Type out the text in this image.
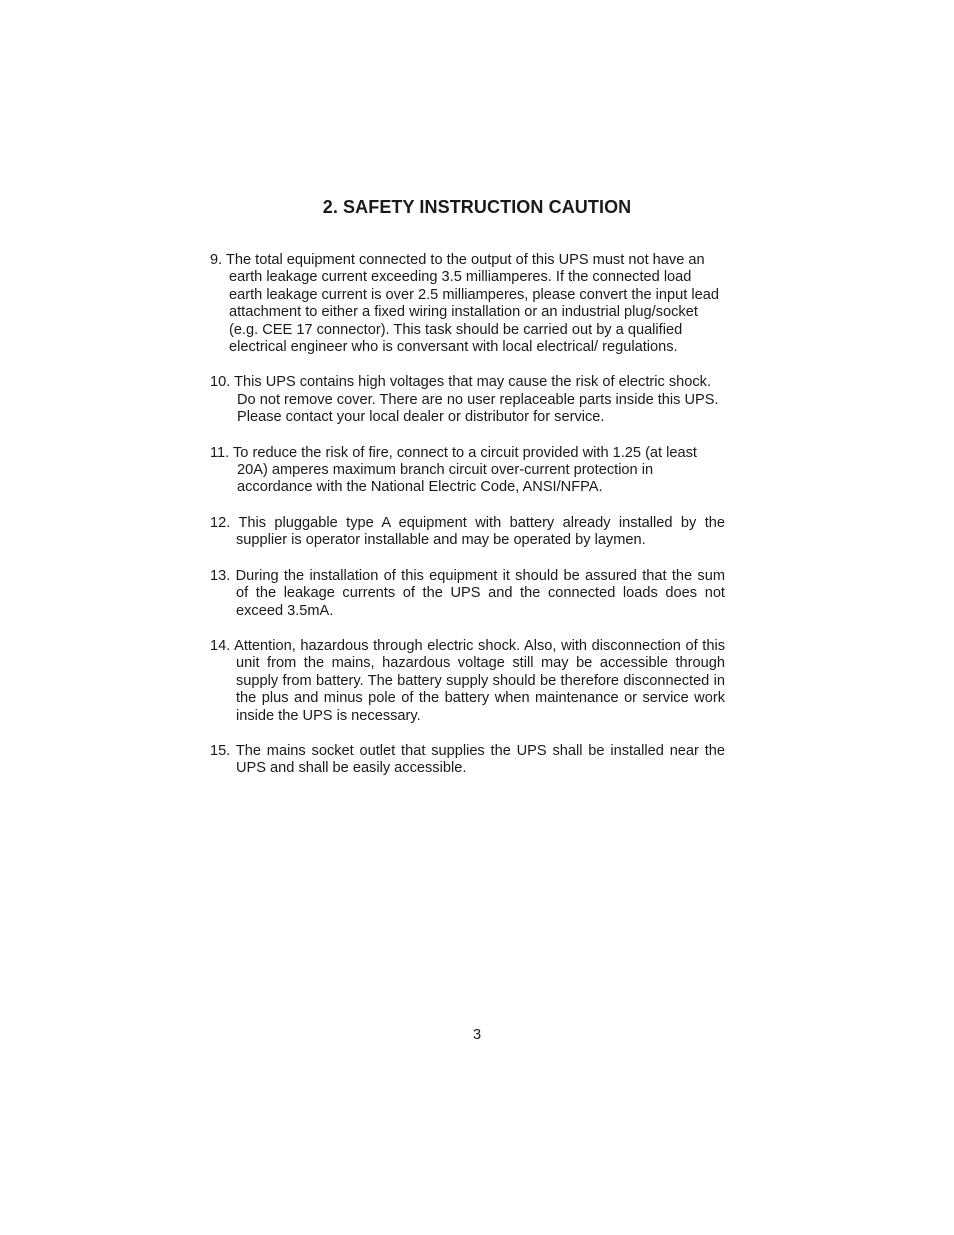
2. SAFETY INSTRUCTION CAUTION
9. The total equipment connected to the output of this UPS must not have an earth leakage current exceeding 3.5 milliamperes. If the connected load earth leakage current is over 2.5 milliamperes, please convert the input lead attachment to either a fixed wiring installation or an industrial plug/socket (e.g. CEE 17 connector). This task should be carried out by a qualified electrical engineer who is conversant with local electrical/ regulations.
10. This UPS contains high voltages that may cause the risk of electric shock. Do not remove cover. There are no user replaceable parts inside this UPS. Please contact your local dealer or distributor for service.
11. To reduce the risk of fire, connect to a circuit provided with 1.25 (at least 20A) amperes maximum branch circuit over-current protection in accordance with the National Electric Code, ANSI/NFPA.
12. This pluggable type A equipment with battery already installed by the supplier is operator installable and may be operated by laymen.
13. During the installation of this equipment it should be assured that the sum of the leakage currents of the UPS and the connected loads does not exceed 3.5mA.
14. Attention, hazardous through electric shock. Also, with disconnection of this unit from the mains, hazardous voltage still may be accessible through supply from battery. The battery supply should be therefore disconnected in the plus and minus pole of the battery when maintenance or service work inside the UPS is necessary.
15. The mains socket outlet that supplies the UPS shall be installed near the UPS and shall be easily accessible.
3
